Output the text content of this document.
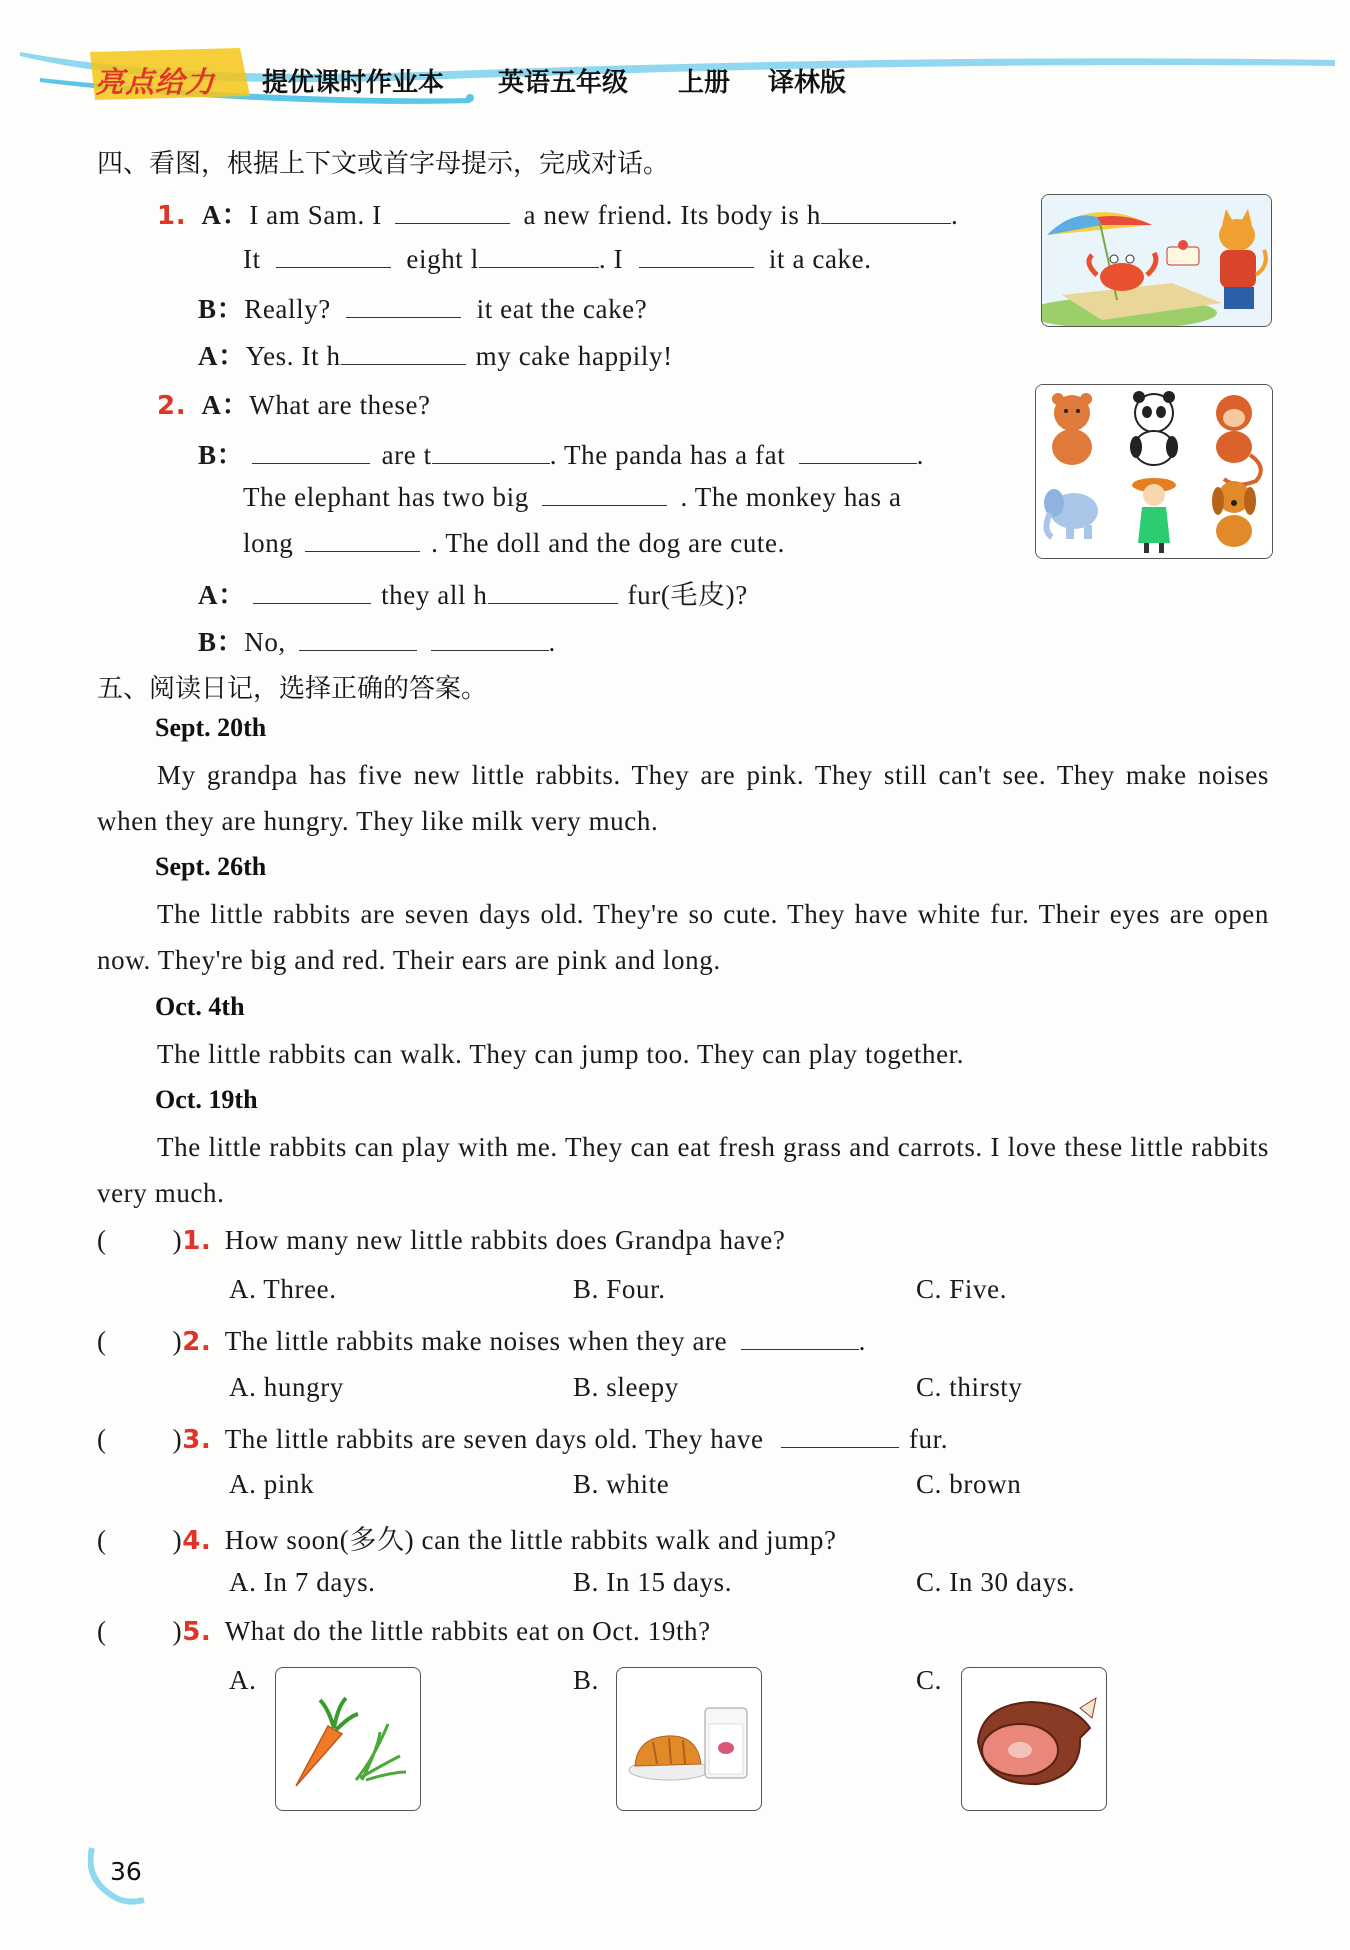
亮点给力 提优课时作业本 英语五年级 上册 译林版
四、看图，根据上下文或首字母提示，完成对话。
1. A：I am Sam. I	a new friend. Its body is h	.
It	eight l	. I	it a cake.
B：Really?	it eat the cake?
A：Yes. It h	my cake happily!
2. A：What are these?
B：	are t	. The panda has a fat	.
The elephant has two big	. The monkey has a
long	. The doll and the dog are cute.
A：	they all h	fur(毛皮)?
B：No,	.
五、阅读日记，选择正确的答案。
Sept. 20th
My grandpa has five new little rabbits. They are pink. They still can't see. They make noises when they are hungry. They like milk very much.
Sept. 26th
The little rabbits are seven days old. They're so cute. They have white fur. Their eyes are open now. They're big and red. Their ears are pink and long.
Oct. 4th
The little rabbits can walk. They can jump too. They can play together.
Oct. 19th
The little rabbits can play with me. They can eat fresh grass and carrots. I love these little rabbits very much.
( )1. How many new little rabbits does Grandpa have?
A. Three.	B. Four.	C. Five.
( )2. The little rabbits make noises when they are	.
A. hungry	B. sleepy	C. thirsty
( )3. The little rabbits are seven days old. They have	fur.
A. pink	B. white	C. brown
( )4. How soon(多久) can the little rabbits walk and jump?
A. In 7 days.	B. In 15 days.	C. In 30 days.
( )5. What do the little rabbits eat on Oct. 19th?
A.	B.	C.
36
